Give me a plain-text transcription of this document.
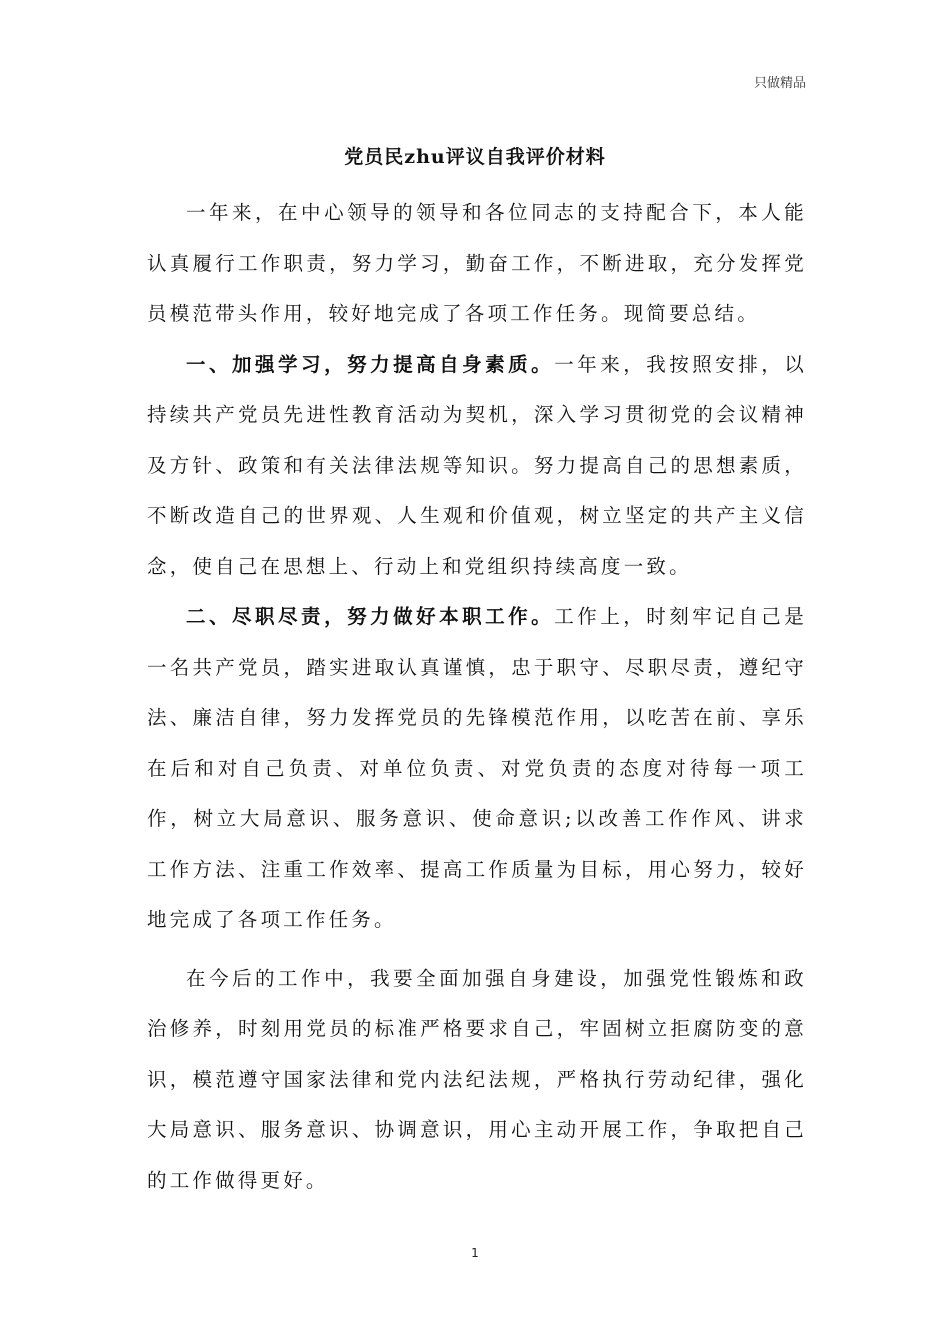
只做精品
党员民zhu评议自我评价材料

一年来，在中心领导的领导和各位同志的支持配合下，本人能认真履行工作职责，努力学习，勤奋工作，不断进取，充分发挥党员模范带头作用，较好地完成了各项工作任务。现简要总结。

一、加强学习，努力提高自身素质。一年来，我按照安排，以持续共产党员先进性教育活动为契机，深入学习贯彻党的会议精神及方针、政策和有关法律法规等知识。努力提高自己的思想素质，不断改造自己的世界观、人生观和价值观，树立坚定的共产主义信念，使自己在思想上、行动上和党组织持续高度一致。

二、尽职尽责，努力做好本职工作。工作上，时刻牢记自己是一名共产党员，踏实进取认真谨慎，忠于职守、尽职尽责，遵纪守法、廉洁自律，努力发挥党员的先锋模范作用，以吃苦在前、享乐在后和对自己负责、对单位负责、对党负责的态度对待每一项工作，树立大局意识、服务意识、使命意识;以改善工作作风、讲求工作方法、注重工作效率、提高工作质量为目标，用心努力，较好地完成了各项工作任务。

在今后的工作中，我要全面加强自身建设，加强党性锻炼和政治修养，时刻用党员的标准严格要求自己，牢固树立拒腐防变的意识，模范遵守国家法律和党内法纪法规，严格执行劳动纪律，强化大局意识、服务意识、协调意识，用心主动开展工作，争取把自己的工作做得更好。

1
